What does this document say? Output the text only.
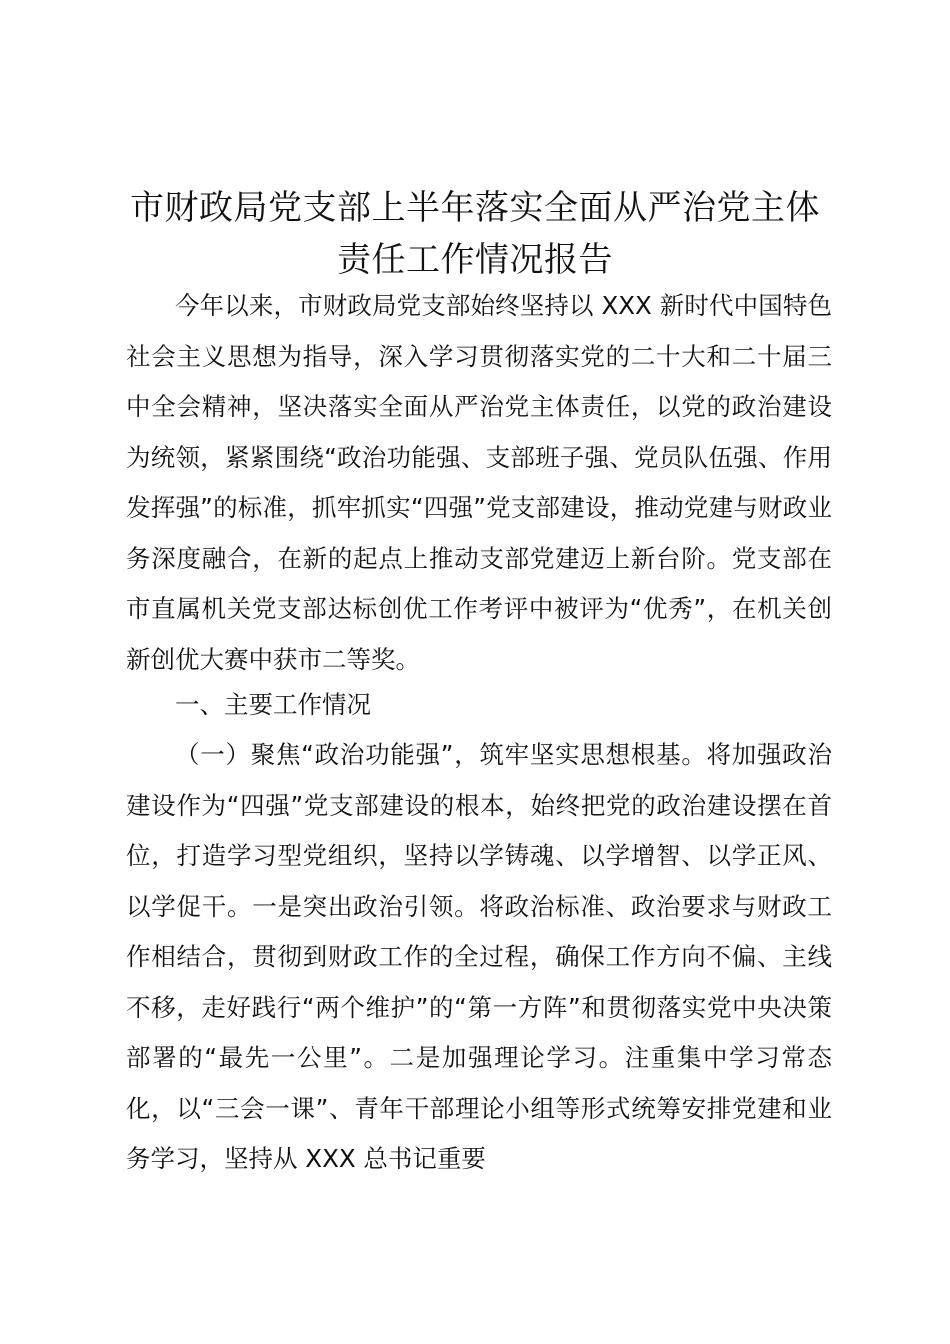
市财政局党支部上半年落实全面从严治党主体
责任工作情况报告

今年以来，市财政局党支部始终坚持以 XXX 新时代中国特色社会主义思想为指导，深入学习贯彻落实党的二十大和二十届三中全会精神，坚决落实全面从严治党主体责任，以党的政治建设为统领，紧紧围绕“政治功能强、支部班子强、党员队伍强、作用发挥强”的标准，抓牢抓实“四强”党支部建设，推动党建与财政业务深度融合，在新的起点上推动支部党建迈上新台阶。党支部在市直属机关党支部达标创优工作考评中被评为“优秀”，在机关创新创优大赛中获市二等奖。

一、主要工作情况

（一）聚焦“政治功能强”，筑牢坚实思想根基。将加强政治建设作为“四强”党支部建设的根本，始终把党的政治建设摆在首位，打造学习型党组织，坚持以学铸魂、以学增智、以学正风、以学促干。一是突出政治引领。将政治标准、政治要求与财政工作相结合，贯彻到财政工作的全过程，确保工作方向不偏、主线不移，走好践行“两个维护”的“第一方阵”和贯彻落实党中央决策部署的“最先一公里”。二是加强理论学习。注重集中学习常态化，以“三会一课”、青年干部理论小组等形式统筹安排党建和业务学习，坚持从 XXX 总书记重要
